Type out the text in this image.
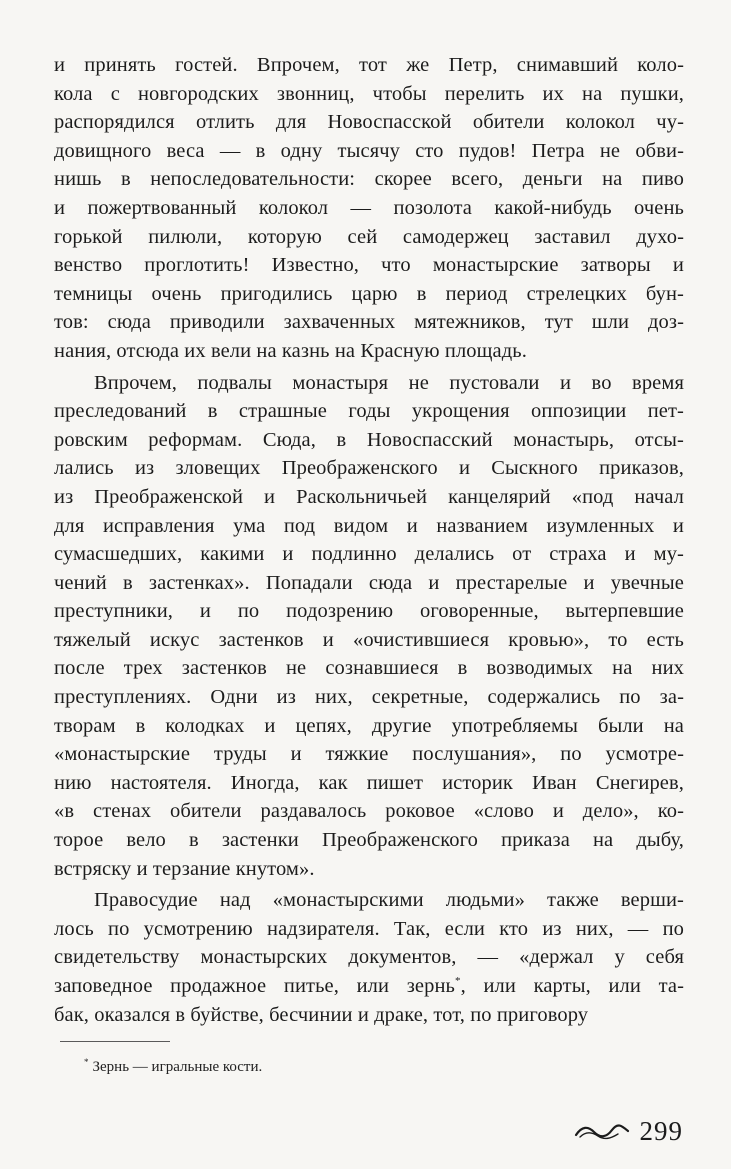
и принять гостей. Впрочем, тот же Петр, снимавший коло-
кола с новгородских звонниц, чтобы перелить их на пушки,
распорядился отлить для Новоспасской обители колокол чу-
довищного веса — в одну тысячу сто пудов! Петра не обви-
нишь в непоследовательности: скорее всего, деньги на пиво
и пожертвованный колокол — позолота какой-нибудь очень
горькой пилюли, которую сей самодержец заставил духо-
венство проглотить! Известно, что монастырские затворы и
темницы очень пригодились царю в период стрелецких бун-
тов: сюда приводили захваченных мятежников, тут шли доз-
нания, отсюда их вели на казнь на Красную площадь.
Впрочем, подвалы монастыря не пустовали и во время
преследований в страшные годы укрощения оппозиции пет-
ровским реформам. Сюда, в Новоспасский монастырь, отсы-
лались из зловещих Преображенского и Сыскного приказов,
из Преображенской и Раскольничьей канцелярий «под начал
для исправления ума под видом и названием изумленных и
сумасшедших, какими и подлинно делались от страха и му-
чений в застенках». Попадали сюда и престарелые и увечные
преступники, и по подозрению оговоренные, вытерпевшие
тяжелый искус застенков и «очистившиеся кровью», то есть
после трех застенков не сознавшиеся в возводимых на них
преступлениях. Одни из них, секретные, содержались по за-
творам в колодках и цепях, другие употребляемы были на
«монастырские труды и тяжкие послушания», по усмотре-
нию настоятеля. Иногда, как пишет историк Иван Снегирев,
«в стенах обители раздавалось роковое «слово и дело», ко-
торое вело в застенки Преображенского приказа на дыбу,
встряску и терзание кнутом».
Правосудие над «монастырскими людьми» также верши-
лось по усмотрению надзирателя. Так, если кто из них, — по
свидетельству монастырских документов, — «держал у себя
заповедное продажное питье, или зернь*, или карты, или та-
бак, оказался в буйстве, бесчинии и драке, тот, по приговору
* Зернь — игральные кости.
299
